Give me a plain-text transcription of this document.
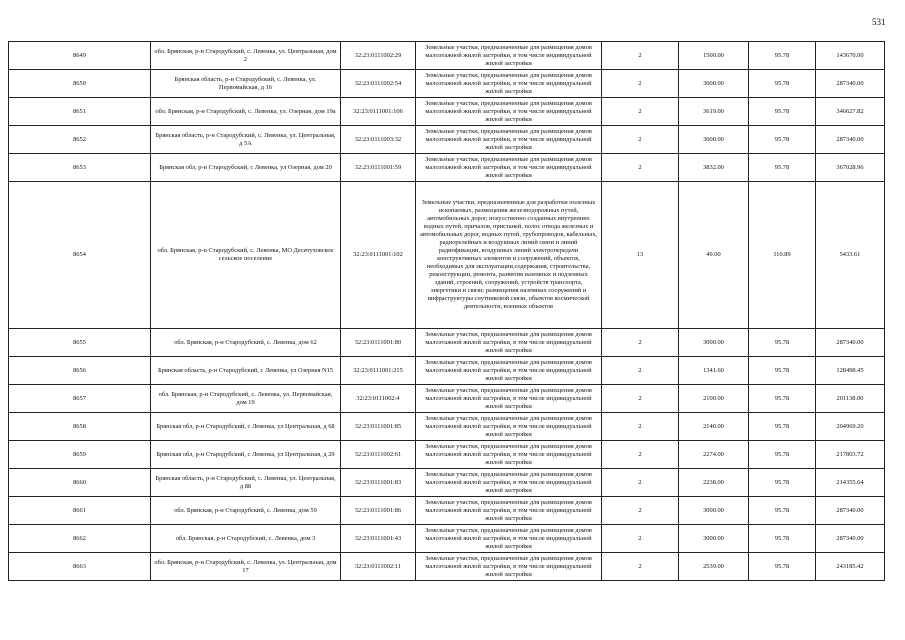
531
8649	обл. Брянская, р-н Стародубский, с. Левенка, ул. Центральная, дом 2	32:23:0111002:29	Земельные участки, предназначенные для размещения домов малоэтажной жилой застройки, в том числе индивидуальной жилой застройки	2	1500.00	95.78	143670.00
8650	Брянская область, р-н Стародубский, с. Левенка, ул. Первомайская, д 16	32:23:0111002:54	Земельные участки, предназначенные для размещения домов малоэтажной жилой застройки, в том числе индивидуальной жилой застройки	2	3000.00	95.78	287340.00
8651	обл. Брянская, р-н Стародубский, с. Левенка, ул. Озерная, дом 19а	32:23:0111001:106	Земельные участки, предназначенные для размещения домов малоэтажной жилой застройки, в том числе индивидуальной жилой застройки	2	3619.00	95.78	346627.82
8652	Брянская область, р-н Стародубский, с. Левенка, ул. Центральная, д 5А	32:23:0111003:32	Земельные участки, предназначенные для размещения домов малоэтажной жилой застройки, в том числе индивидуальной жилой застройки	2	3000.00	95.78	287340.00
8653	Брянская обл, р-н Стародубский, с Левенка, ул Озерная, дом 20	32:23:0111001:59	Земельные участки, предназначенные для размещения домов малоэтажной жилой застройки, в том числе индивидуальной жилой застройки	2	3832.00	95.78	367028.96
8654	обл. Брянская, р-н Стародубский, с. Левенка, МО Десятуховское сельское поселение	32:23:0111001:102	Земельные участки, предназначенные для разработки полезных ископаемых, размещения железнодорожных путей, автомобильных дорог, искусственно созданных внутренних водных путей, причалов, пристаней, полос отвода железных и автомобильных дорог, водных путей, трубопроводов, кабельных, радиорелейных и воздушных линий связи и линий радиофикации, воздушных линий электропередачи конструктивных элементов и сооружений, объектов, необходимых для эксплуатации,содержания, строительства, реконструкции, ремонта, развития наземных и подземных зданий, строений, сооружений, устройств транспорта, энергетики и связи; размещения наземных сооружений и инфраструктуры спутниковой связи, объектов космической деятельности, военных объектов	13	49.00	110.89	5433.61
8655	обл. Брянская, р-н Стародубский, с. Левенка, дом 62	32:23:0111001:80	Земельные участки, предназначенные для размещения домов малоэтажной жилой застройки, в том числе индивидуальной жилой застройки	2	3000.00	95.78	287340.00
8656	Брянская область, р-н Стародубский, с Левенка, ул Озерная N15	32:23:0111001:215	Земельные участки, предназначенные для размещения домов малоэтажной жилой застройки, в том числе индивидуальной жилой застройки	2	1341.60	95.78	128498.45
8657	обл. Брянская, р-н Стародубский, с. Левенка, ул. Первомайская, дом 19	32:23:0111002:4	Земельные участки, предназначенные для размещения домов малоэтажной жилой застройки, в том числе индивидуальной жилой застройки	2	2100.00	95.78	201138.00
8658	Брянская обл, р-н Стародубский, с Левенка, ул Центральная, д 68	32:23:0111001:85	Земельные участки, предназначенные для размещения домов малоэтажной жилой застройки, в том числе индивидуальной жилой застройки	2	2140.00	95.78	204969.20
8659	Брянская обл, р-н Стародубский, с Левенка, ул Центральная, д 29	32:23:0111002:61	Земельные участки, предназначенные для размещения домов малоэтажной жилой застройки, в том числе индивидуальной жилой застройки	2	2274.00	95.78	217803.72
8660	Брянская область, р-н Стародубский, с. Левенка, ул. Центральная, д 88	32:23:0111001:83	Земельные участки, предназначенные для размещения домов малоэтажной жилой застройки, в том числе индивидуальной жилой застройки	2	2238.00	95.78	214355.64
8661	обл. Брянская, р-н Стародубский, с. Левенка, дом 59	32:23:0111001:86	Земельные участки, предназначенные для размещения домов малоэтажной жилой застройки, в том числе индивидуальной жилой застройки	2	3000.00	95.78	287340.00
8662	обл. Брянская, р-н Стародубский, с. Левенка, дом 3	32:23:0111001:43	Земельные участки, предназначенные для размещения домов малоэтажной жилой застройки, в том числе индивидуальной жилой застройки	2	3000.00	95.78	287340.00
8663	обл. Брянская, р-н Стародубский, с. Левенка, ул. Центральная, дом 17	32:23:0111002:11	Земельные участки, предназначенные для размещения домов малоэтажной жилой застройки, в том числе индивидуальной жилой застройки	2	2539.00	95.78	243185.42
